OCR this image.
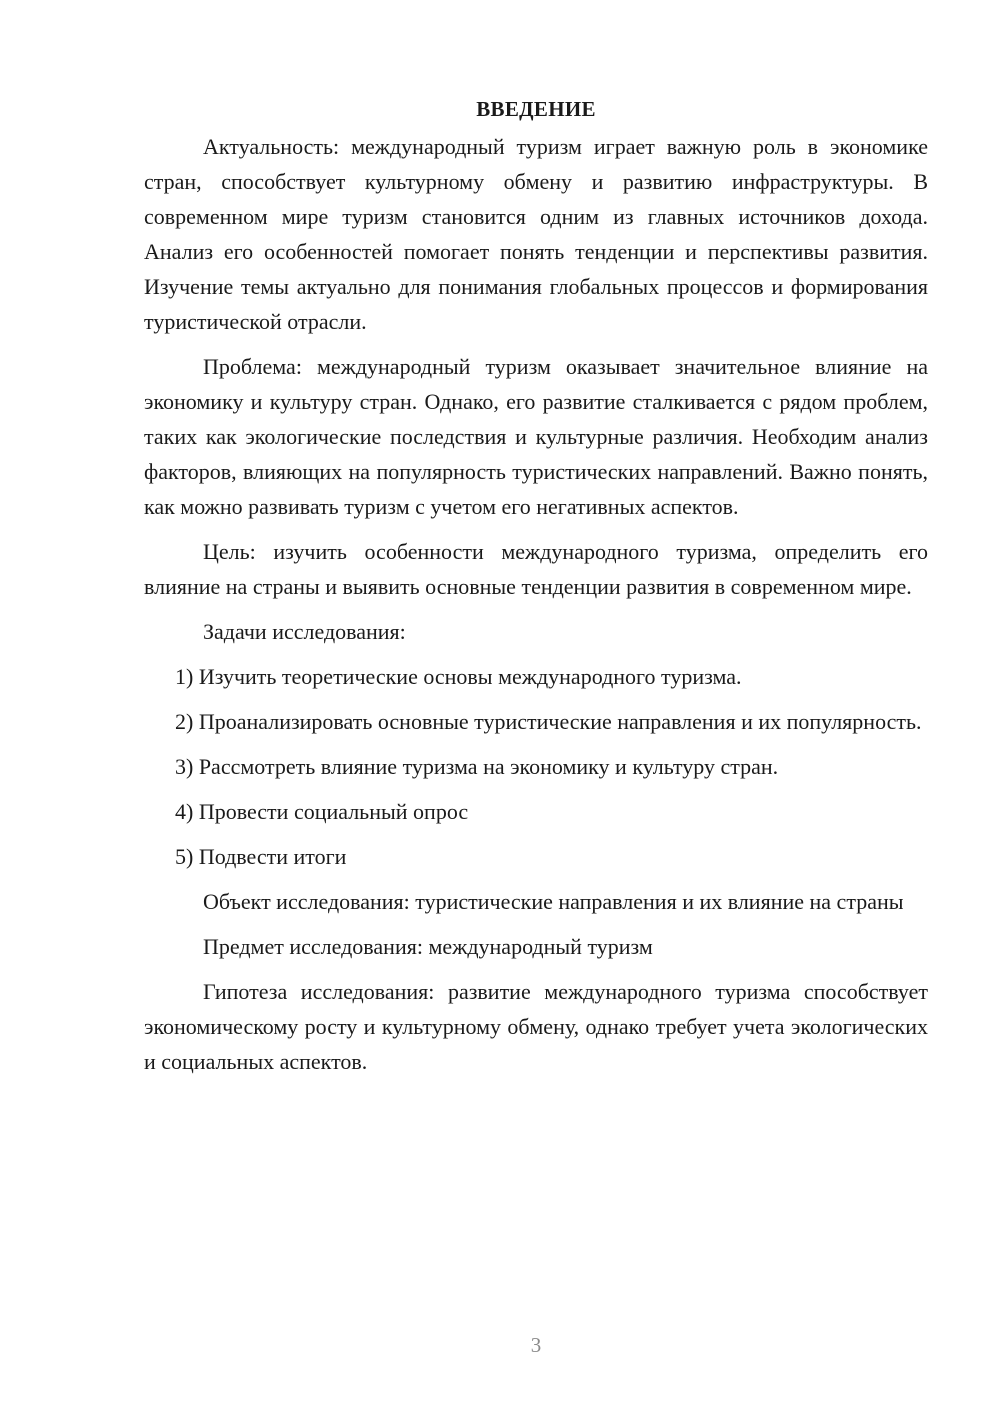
ВВЕДЕНИЕ

Актуальность: международный туризм играет важную роль в экономике стран, способствует культурному обмену и развитию инфраструктуры. В современном мире туризм становится одним из главных источников дохода. Анализ его особенностей помогает понять тенденции и перспективы развития. Изучение темы актуально для понимания глобальных процессов и формирования туристической отрасли.

Проблема: международный туризм оказывает значительное влияние на экономику и культуру стран. Однако, его развитие сталкивается с рядом проблем, таких как экологические последствия и культурные различия. Необходим анализ факторов, влияющих на популярность туристических направлений. Важно понять, как можно развивать туризм с учетом его негативных аспектов.

Цель: изучить особенности международного туризма, определить его влияние на страны и выявить основные тенденции развития в современном мире.

Задачи исследования:

1) Изучить теоретические основы международного туризма.

2) Проанализировать основные туристические направления и их популярность.

3) Рассмотреть влияние туризма на экономику и культуру стран.

4) Провести социальный опрос

5) Подвести итоги

Объект исследования: туристические направления и их влияние на страны

Предмет исследования: международный туризм

Гипотеза исследования: развитие международного туризма способствует экономическому росту и культурному обмену, однако требует учета экологических и социальных аспектов.

3
